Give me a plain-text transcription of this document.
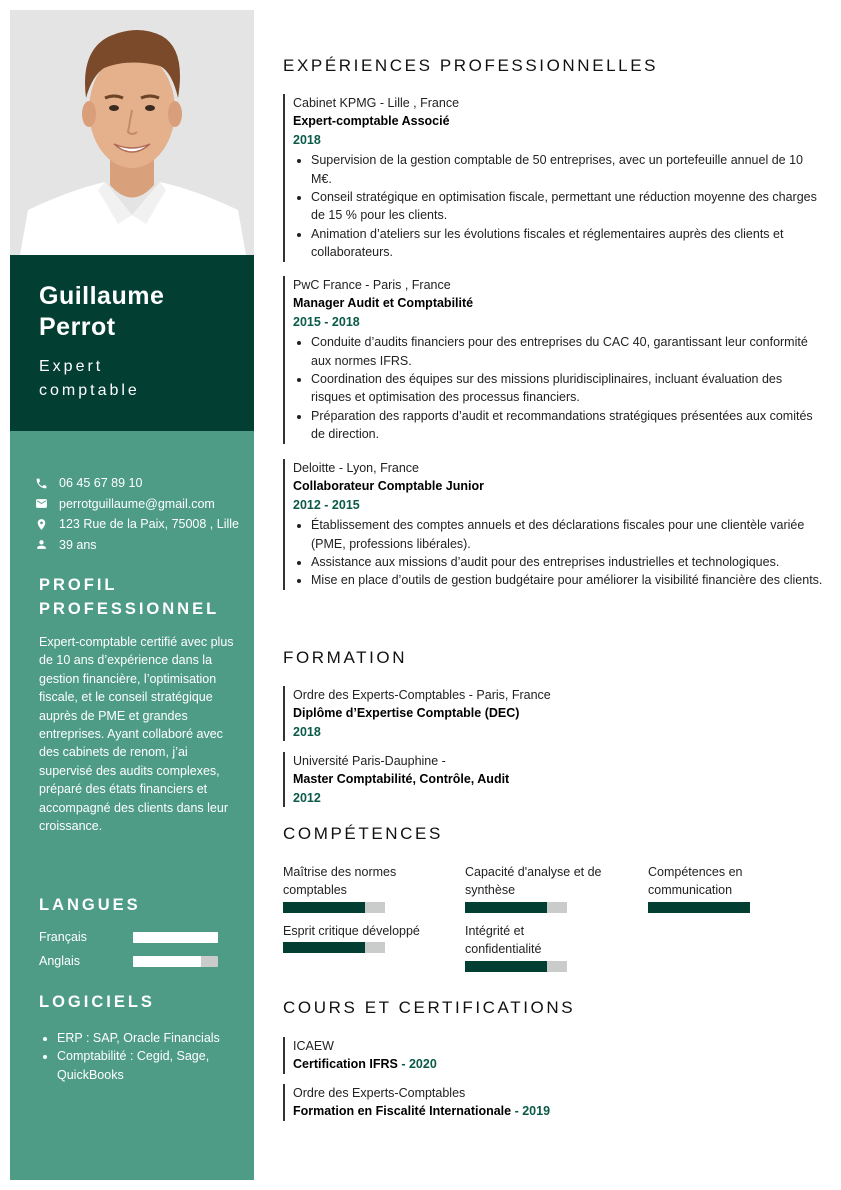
Guillaume
Perrot
Expert
comptable
06 45 67 89 10
perrotguillaume@gmail.com
123 Rue de la Paix, 75008 , Lille
39 ans
PROFIL
PROFESSIONNEL
Expert-comptable certifié avec plus de 10 ans d’expérience dans la gestion financière, l’optimisation fiscale, et le conseil stratégique auprès de PME et grandes entreprises. Ayant collaboré avec des cabinets de renom, j’ai supervisé des audits complexes, préparé des états financiers et accompagné des clients dans leur croissance.
LANGUES
Français
Anglais
LOGICIELS
• ERP : SAP, Oracle Financials
• Comptabilité : Cegid, Sage, QuickBooks
EXPÉRIENCES PROFESSIONNELLES
Cabinet KPMG - Lille , France
Expert-comptable Associé
2018
• Supervision de la gestion comptable de 50 entreprises, avec un portefeuille annuel de 10 M€.
• Conseil stratégique en optimisation fiscale, permettant une réduction moyenne des charges de 15 % pour les clients.
• Animation d’ateliers sur les évolutions fiscales et réglementaires auprès des clients et collaborateurs.
PwC France - Paris , France
Manager Audit et Comptabilité
2015 - 2018
• Conduite d’audits financiers pour des entreprises du CAC 40, garantissant leur conformité aux normes IFRS.
• Coordination des équipes sur des missions pluridisciplinaires, incluant évaluation des risques et optimisation des processus financiers.
• Préparation des rapports d’audit et recommandations stratégiques présentées aux comités de direction.
Deloitte - Lyon, France
Collaborateur Comptable Junior
2012 - 2015
• Établissement des comptes annuels et des déclarations fiscales pour une clientèle variée (PME, professions libérales).
• Assistance aux missions d’audit pour des entreprises industrielles et technologiques.
• Mise en place d’outils de gestion budgétaire pour améliorer la visibilité financière des clients.
FORMATION
Ordre des Experts-Comptables - Paris, France
Diplôme d’Expertise Comptable (DEC)
2018
Université Paris-Dauphine -
Master Comptabilité, Contrôle, Audit
2012
COMPÉTENCES
Maîtrise des normes comptables
Capacité d'analyse et de synthèse
Compétences en communication
Esprit critique développé	Intégrité et confidentialité
COURS ET CERTIFICATIONS
ICAEW
Certification IFRS - 2020
Ordre des Experts-Comptables
Formation en Fiscalité Internationale - 2019
